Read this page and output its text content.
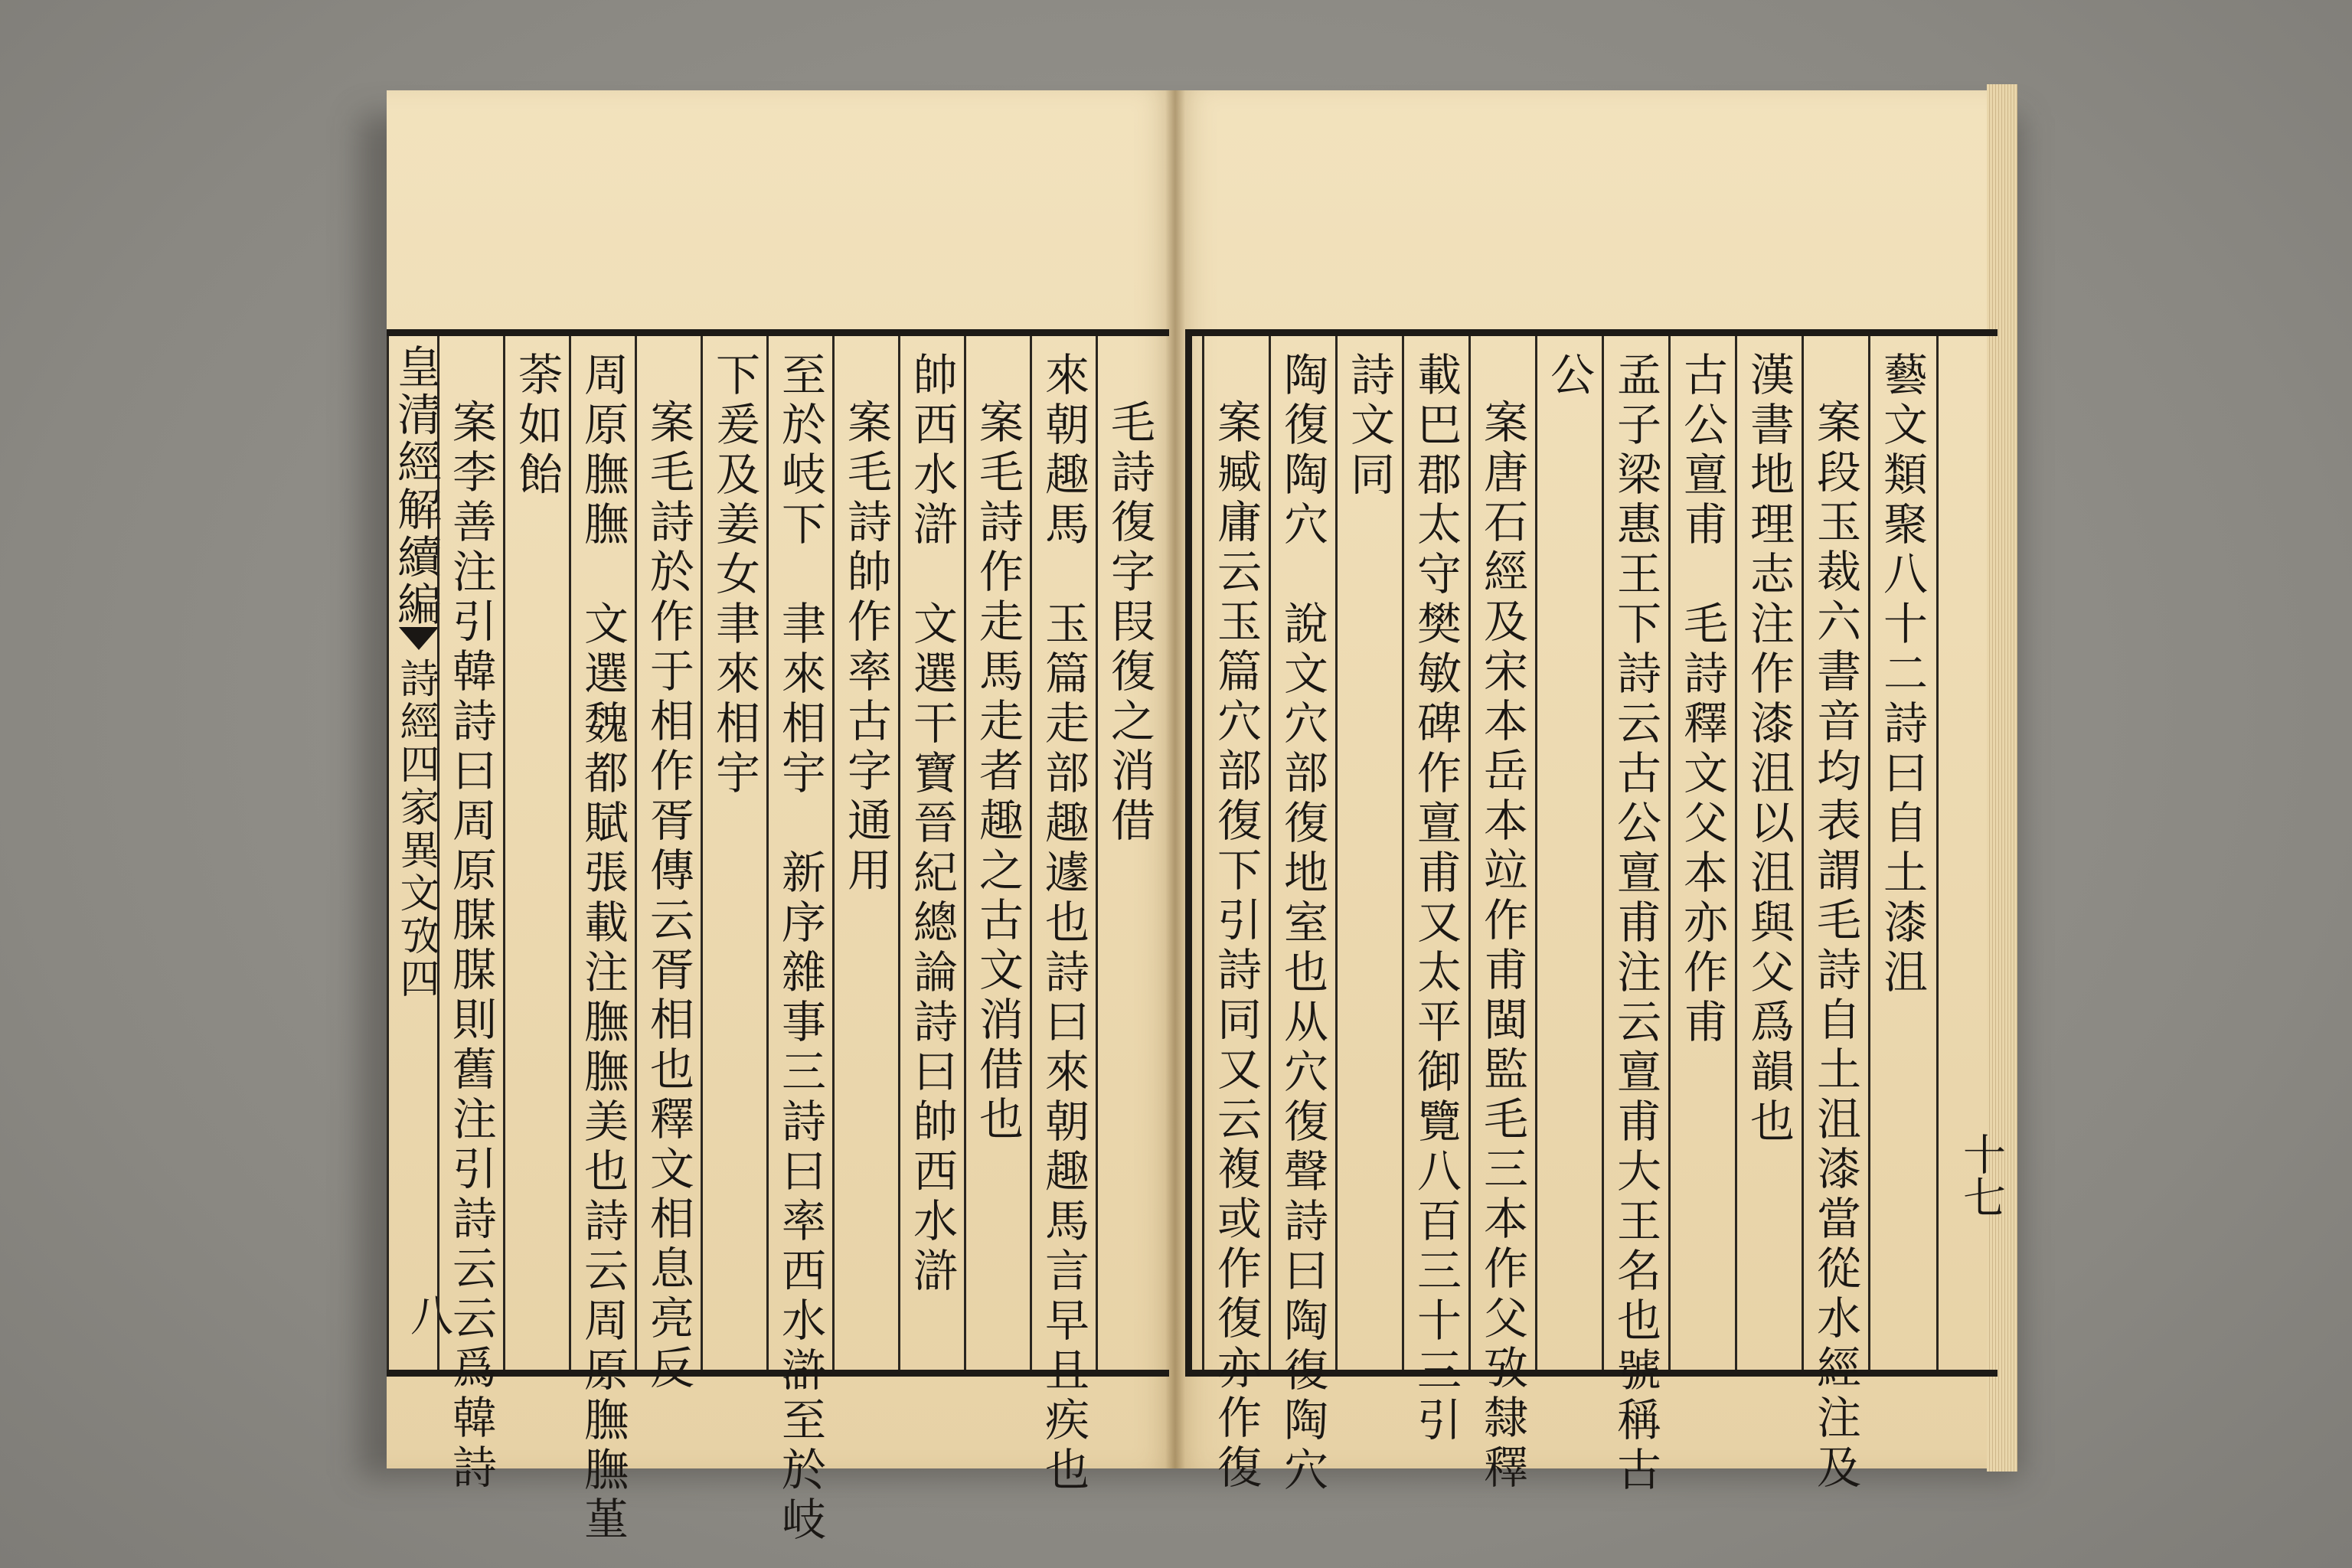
皇清經解續編
詩經四家異文攷四
八
毛詩復字叚復之消借
來朝趣馬　玉篇走部趣遽也詩曰來朝趣馬言早且疾也
案毛詩作走馬走者趣之古文消借也
帥西水滸　文選干寶晉紀總論詩曰帥西水滸
案毛詩帥作率古字通用
至於岐下　聿來相宇　新序雜事三詩曰率西水滸至於岐
下爰及姜女聿來相宇
案毛詩於作于相作胥傳云胥相也釋文相息亮反
周原膴膴　文選魏都賦張載注膴膴美也詩云周原膴膴堇
荼如飴
案李善注引韓詩曰周原腜腜則舊注引詩云云爲韓詩	十七
藝文類聚八十二詩曰自土漆沮
案段玉裁六書音均表謂毛詩自土沮漆當從水經注及
漢書地理志注作漆沮以沮與父爲韻也
古公亶甫　毛詩釋文父本亦作甫
孟子梁惠王下詩云古公亶甫注云亶甫大王名也號稱古
公
案唐石經及宋本岳本竝作甫閩監毛三本作父攷隸釋
載巴郡太守樊敏碑作亶甫又太平御覽八百三十三引
詩文同
陶復陶穴　說文穴部復地室也从穴復聲詩曰陶復陶穴
案臧庸云玉篇穴部復下引詩同又云複或作復亦作復
